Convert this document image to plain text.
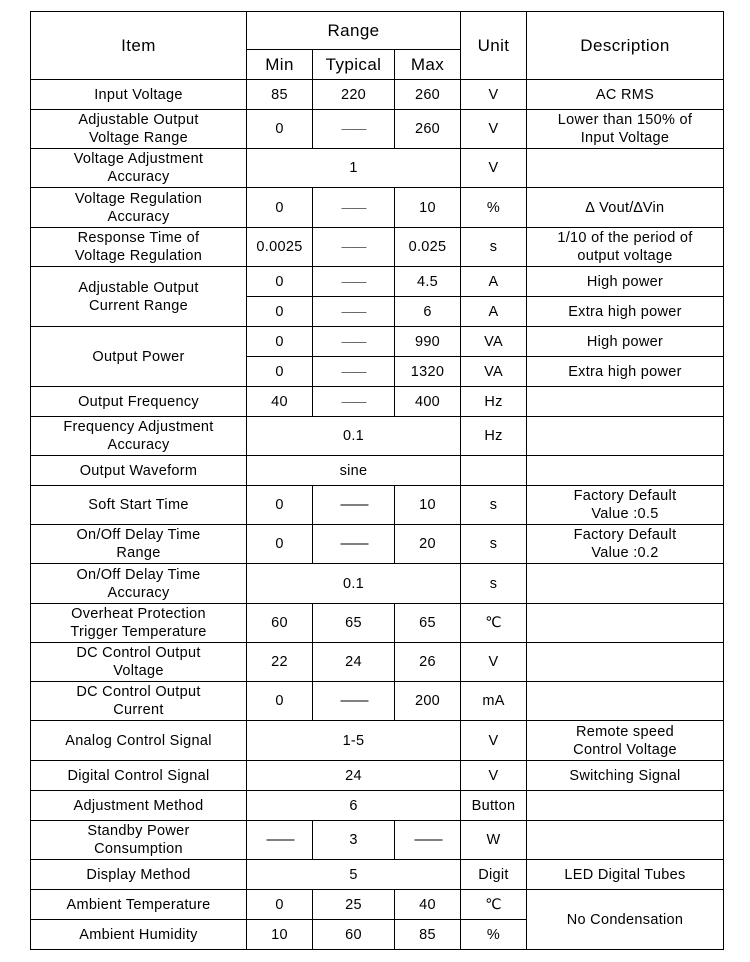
Item	Range			Unit	Description
	Min	Typical	Max		
Input Voltage	85	220	260	V	AC RMS
Adjustable Output
Voltage Range	0	——	260	V	Lower than 150% of
Input Voltage
Voltage Adjustment
Accuracy	1			V	
Voltage Regulation
Accuracy	0	——	10	%	∆ Vout/∆Vin
Response Time of
Voltage Regulation	0.0025	——	0.025	s	1/10 of the period of
output voltage
Adjustable Output
Current Range	0	——	4.5	A	High power
	0	——	6	A	Extra high power
Output Power	0	——	990	VA	High power
	0	——	1320	VA	Extra high power
Output Frequency	40	——	400	Hz	
Frequency Adjustment
Accuracy	0.1			Hz	
Output Waveform	sine				
Soft Start Time	0	——	10	s	Factory Default
Value :0.5
On/Off Delay Time
Range	0	——	20	s	Factory Default
Value :0.2
On/Off Delay Time
Accuracy	0.1			s	
Overheat Protection
Trigger Temperature	60	65	65	℃	
DC Control Output
Voltage	22	24	26	V	
DC Control Output
Current	0	——	200	mA	
Analog Control Signal	1-5			V	Remote speed
Control Voltage
Digital Control Signal	24			V	Switching Signal
Adjustment Method	6			Button	
Standby Power
Consumption	——	3	——	W	
Display Method	5			Digit	LED Digital Tubes
Ambient Temperature	0	25	40	℃	No Condensation
Ambient Humidity	10	60	85	%	
